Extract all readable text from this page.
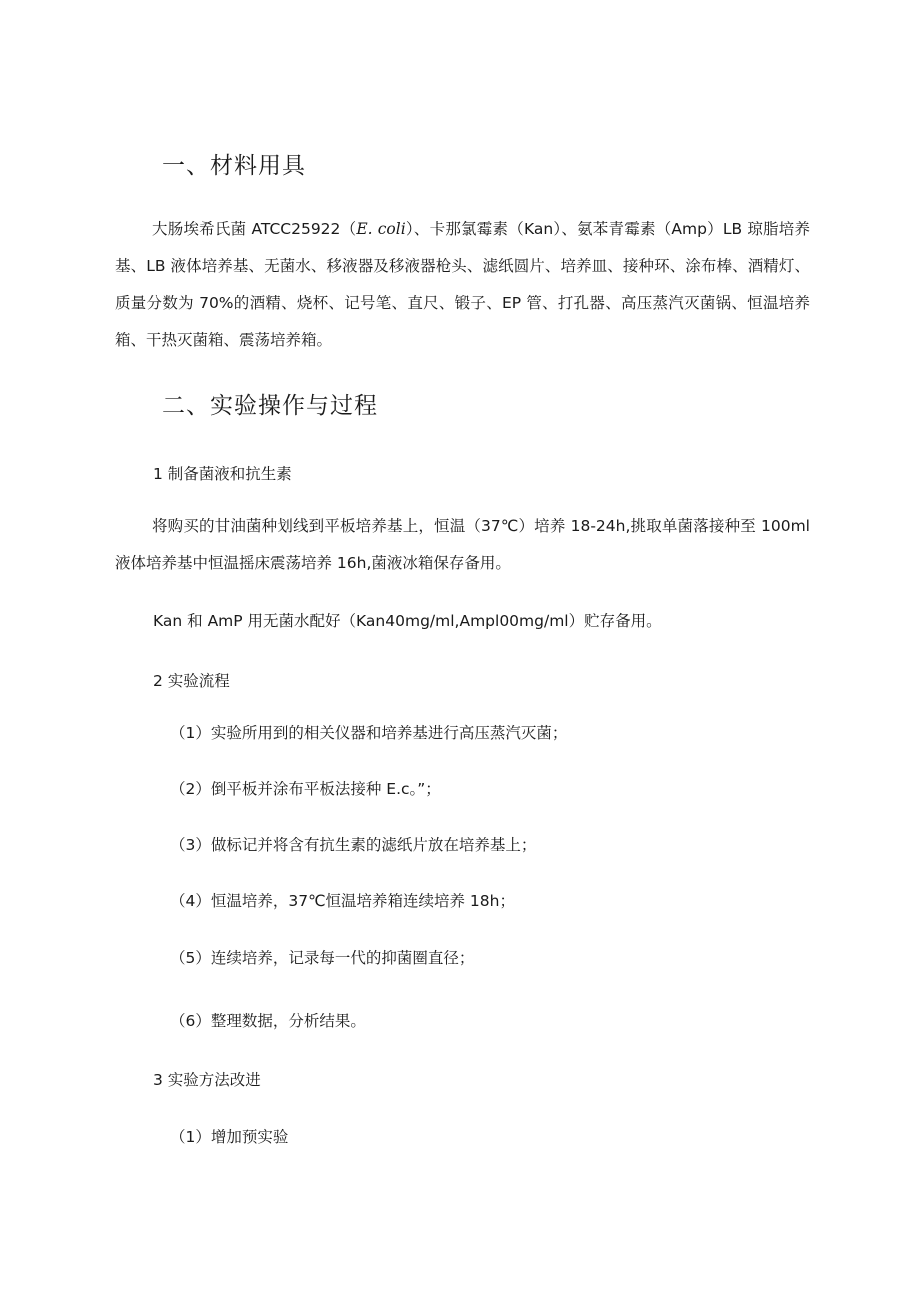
一、材料用具
大肠埃希氏菌 ATCC25922（E. coli）、卡那氯霉素（Kan）、氨苯青霉素（Amp）LB 琼脂培养基、LB 液体培养基、无菌水、移液器及移液器枪头、滤纸圆片、培养皿、接种环、涂布棒、酒精灯、质量分数为 70%的酒精、烧杯、记号笔、直尺、锻子、EP 管、打孔器、高压蒸汽灭菌锅、恒温培养箱、干热灭菌箱、震荡培养箱。
二、实验操作与过程
1 制备菌液和抗生素
将购买的甘油菌种划线到平板培养基上，恒温（37℃）培养 18-24h,挑取单菌落接种至 100ml 液体培养基中恒温摇床震荡培养 16h,菌液冰箱保存备用。
Kan 和 AmP 用无菌水配好（Kan40mg∕ml,Ampl00mg∕ml）贮存备用。
2 实验流程
（1）实验所用到的相关仪器和培养基进行高压蒸汽灭菌；
（2）倒平板并涂布平板法接种 E.c。”；
（3）做标记并将含有抗生素的滤纸片放在培养基上；
（4）恒温培养，37℃恒温培养箱连续培养 18h；
（5）连续培养，记录每一代的抑菌圈直径；
（6）整理数据，分析结果。
3 实验方法改进
（1）增加预实验
